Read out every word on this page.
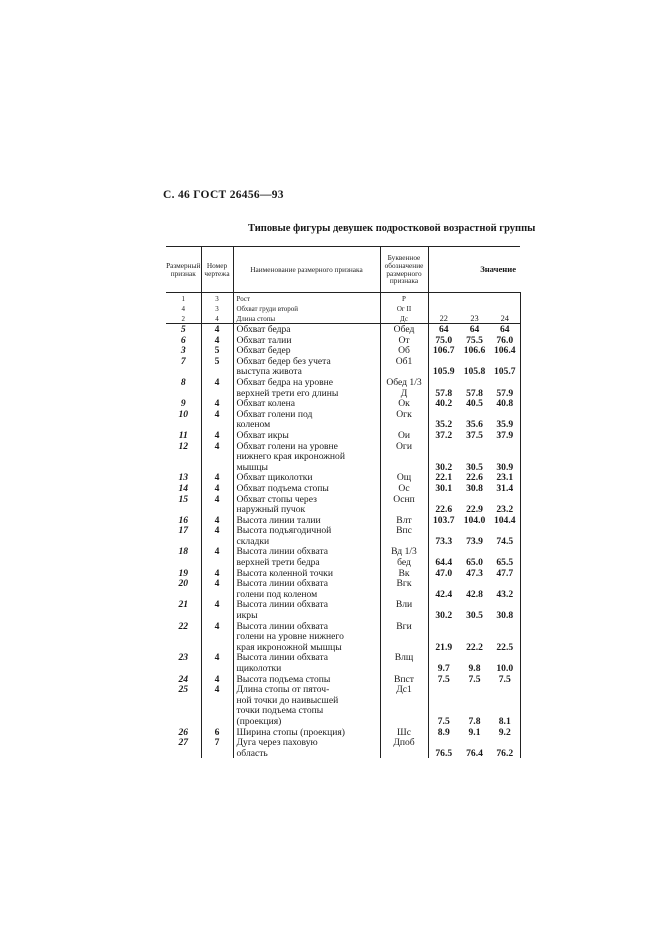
С. 46 ГОСТ 26456—93
Типовые фигуры девушек подростковой возрастной группы
Размерный признак	Номер чертежа	Наименование размерного признака	Буквенное обозначение размерного признака	Значение			
1	3	Рост	Р				
4	3	Обхват груди второй	Ог II				
2	4	Длина стопы	Дс	22	23	24	
5	4	Обхват бедра	Обед	64	64	64	
6	4	Обхват талии	От	75.0	75.5	76.0	
3	5	Обхват бедер	Об	106.7	106.6	106.4	
7	5	Обхват бедер без учета	Об1				
		выступа живота		105.9	105.8	105.7	
8	4	Обхват бедра на уровне	Обед 1/3				
		верхней трети его длины	Д	57.8	57.8	57.9	
9	4	Обхват колена	Ок	40.2	40.5	40.8	
10	4	Обхват голени под	Огк				
		коленом		35.2	35.6	35.9	
11	4	Обхват икры	Ои	37.2	37.5	37.9	
12	4	Обхват голени на уровне	Оги				
		нижнего края икроножной					
		мышцы		30.2	30.5	30.9	
13	4	Обхват щиколотки	Ощ	22.1	22.6	23.1	
14	4	Обхват подъема стопы	Ос	30.1	30.8	31.4	
15	4	Обхват стопы через	Оснп				
		наружный пучок		22.6	22.9	23.2	
16	4	Высота линии талии	Влт	103.7	104.0	104.4	
17	4	Высота подъягодичной	Впс				
		складки		73.3	73.9	74.5	
18	4	Высота линии обхвата	Вд 1/3				
		верхней трети бедра	бед	64.4	65.0	65.5	
19	4	Высота коленной точки	Вк	47.0	47.3	47.7	
20	4	Высота линии обхвата	Вгк				
		голени под коленом		42.4	42.8	43.2	
21	4	Высота линии обхвата	Вли				
		икры		30.2	30.5	30.8	
22	4	Высота линии обхвата	Вги				
		голени на уровне нижнего					
		края икроножной мышцы		21.9	22.2	22.5	
23	4	Высота линии обхвата	Влщ				
		щиколотки		9.7	9.8	10.0	
24	4	Высота подъема стопы	Впст	7.5	7.5	7.5	
25	4	Длина стопы от пяточ-	Дс1				
		ной точки до наивысшей					
		точки подъема стопы					
		(проекция)		7.5	7.8	8.1	
26	6	Ширина стопы (проекция)	Шс	8.9	9.1	9.2	
27	7	Дуга через паховую	Дпоб				
		область		76.5	76.4	76.2	
